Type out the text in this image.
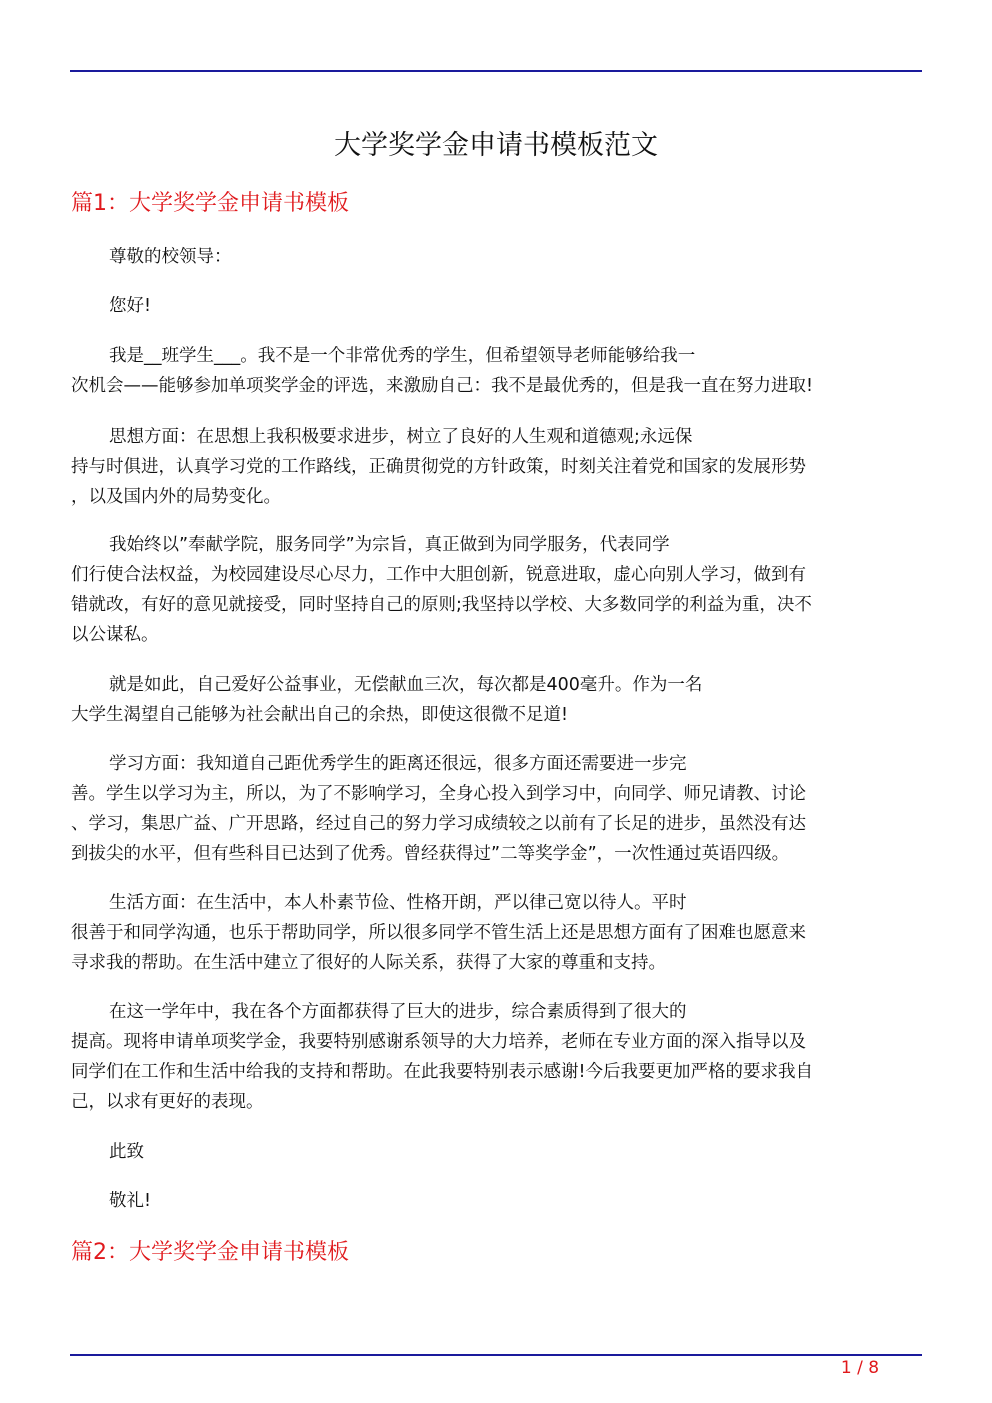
大学奖学金申请书模板范文
篇1：大学奖学金申请书模板
尊敬的校领导：
您好!
我是__班学生___。我不是一个非常优秀的学生，但希望领导老师能够给我一
次机会——能够参加单项奖学金的评选，来激励自己：我不是最优秀的，但是我一直在努力进取!
思想方面：在思想上我积极要求进步，树立了良好的人生观和道德观;永远保
持与时俱进，认真学习党的工作路线，正确贯彻党的方针政策，时刻关注着党和国家的发展形势
，以及国内外的局势变化。
我始终以”奉献学院，服务同学”为宗旨，真正做到为同学服务，代表同学
们行使合法权益，为校园建设尽心尽力，工作中大胆创新，锐意进取，虚心向别人学习，做到有
错就改，有好的意见就接受，同时坚持自己的原则;我坚持以学校、大多数同学的利益为重，决不
以公谋私。
就是如此，自己爱好公益事业，无偿献血三次，每次都是400毫升。作为一名
大学生渴望自己能够为社会献出自己的余热，即使这很微不足道!
学习方面：我知道自己距优秀学生的距离还很远，很多方面还需要进一步完
善。学生以学习为主，所以，为了不影响学习，全身心投入到学习中，向同学、师兄请教、讨论
、学习，集思广益、广开思路，经过自己的努力学习成绩较之以前有了长足的进步，虽然没有达
到拔尖的水平，但有些科目已达到了优秀。曾经获得过”二等奖学金”，一次性通过英语四级。
生活方面：在生活中，本人朴素节俭、性格开朗，严以律己宽以待人。平时
很善于和同学沟通，也乐于帮助同学，所以很多同学不管生活上还是思想方面有了困难也愿意来
寻求我的帮助。在生活中建立了很好的人际关系，获得了大家的尊重和支持。
在这一学年中，我在各个方面都获得了巨大的进步，综合素质得到了很大的
提高。现将申请单项奖学金，我要特别感谢系领导的大力培养，老师在专业方面的深入指导以及
同学们在工作和生活中给我的支持和帮助。在此我要特别表示感谢!今后我要更加严格的要求我自
己，以求有更好的表现。
此致
敬礼!
篇2：大学奖学金申请书模板
1 / 8
